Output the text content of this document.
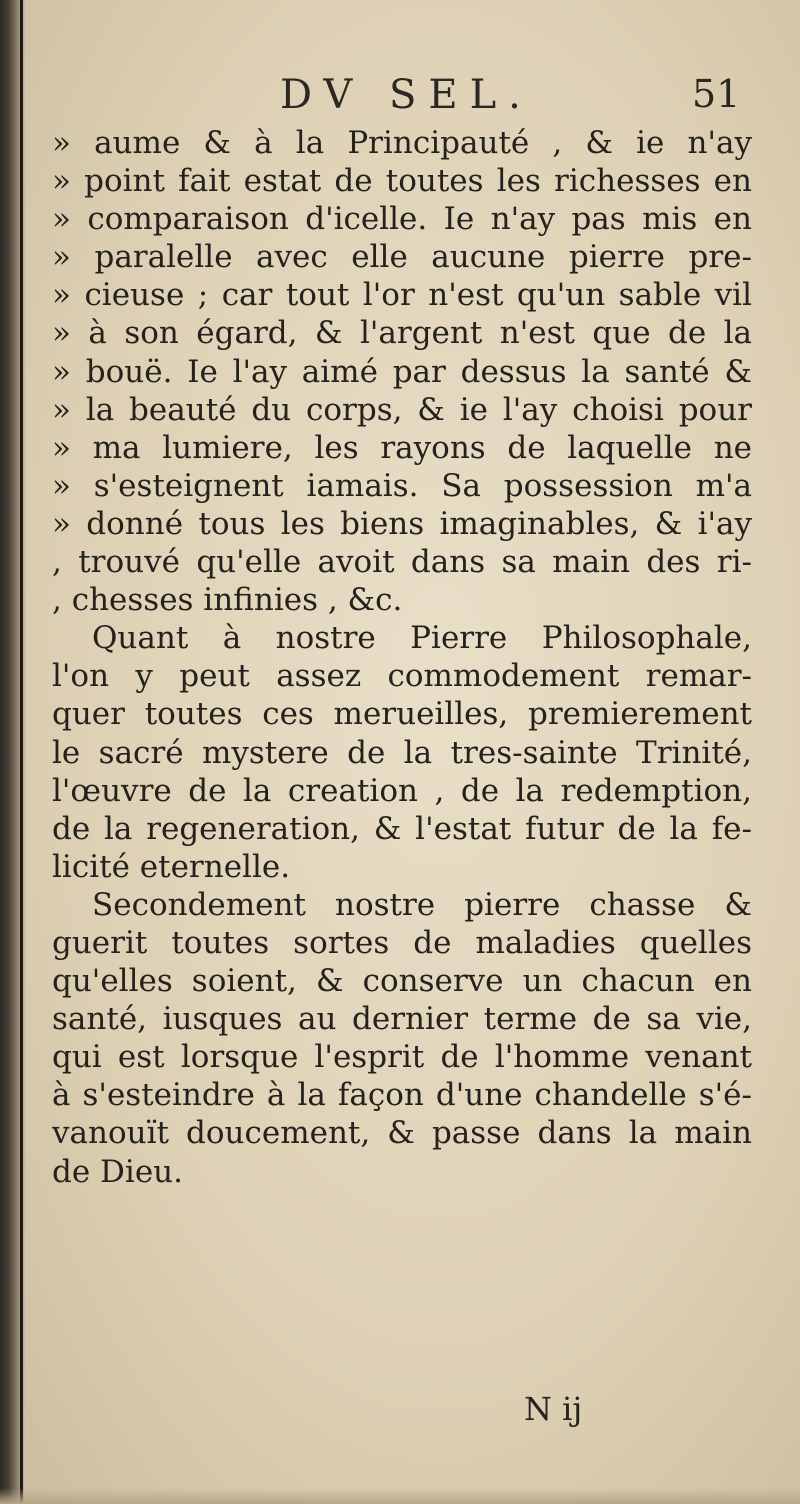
DV SEL.	51
» aume & à la Principauté , & ie n'ay
» point fait estat de toutes les richesses en
» comparaison d'icelle. Ie n'ay pas mis en
» paralelle avec elle aucune pierre pre-
» cieuse ; car tout l'or n'est qu'un sable vil
» à son égard, & l'argent n'est que de la
» bouë. Ie l'ay aimé par dessus la santé &
» la beauté du corps, & ie l'ay choisi pour
» ma lumiere, les rayons de laquelle ne
» s'esteignent iamais. Sa possession m'a
» donné tous les biens imaginables, & i'ay
, trouvé qu'elle avoit dans sa main des ri-
, chesses infinies , &c.
Quant à nostre Pierre Philosophale,
l'on y peut assez commodement remar-
quer toutes ces merueilles, premierement
le sacré mystere de la tres-sainte Trinité,
l'œuvre de la creation , de la redemption,
de la regeneration, & l'estat futur de la fe-
licité eternelle.
Secondement nostre pierre chasse &
guerit toutes sortes de maladies quelles
qu'elles soient, & conserve un chacun en
santé, iusques au dernier terme de sa vie,
qui est lorsque l'esprit de l'homme venant
à s'esteindre à la façon d'une chandelle s'é-
vanouït doucement, & passe dans la main
de Dieu.
N ij
